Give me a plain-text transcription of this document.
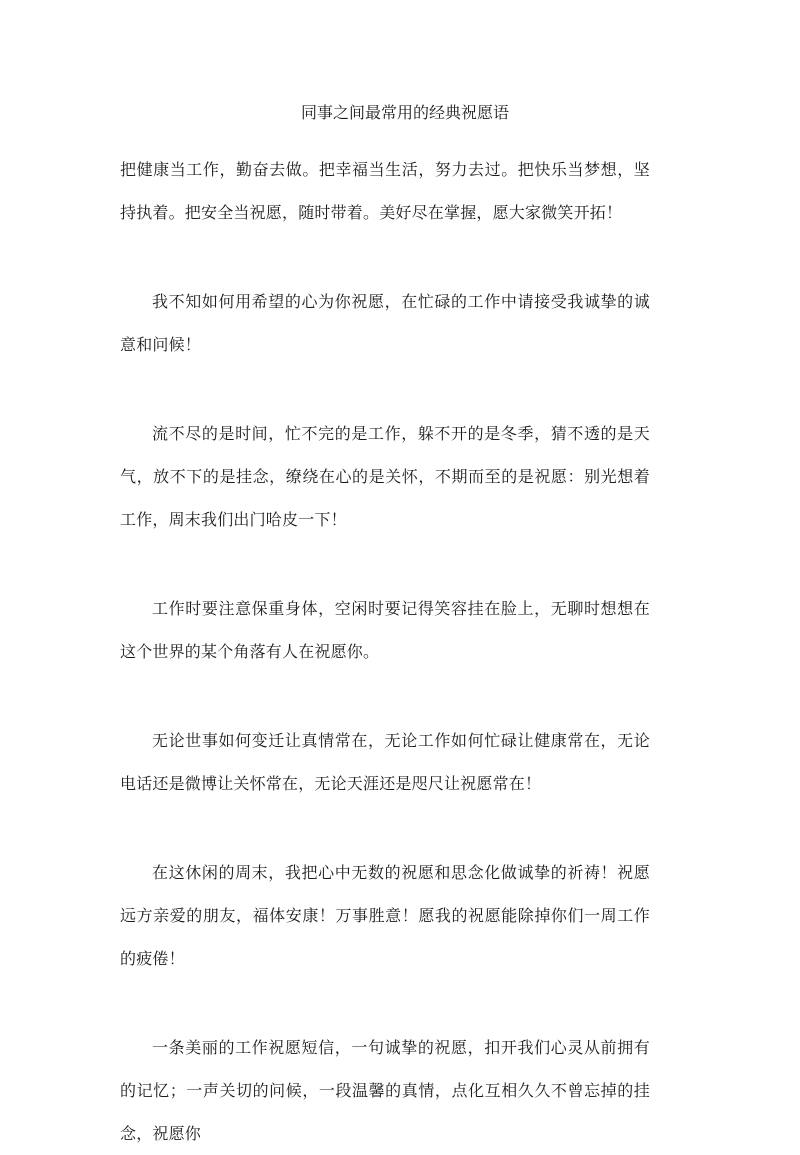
同事之间最常用的经典祝愿语

把健康当工作，勤奋去做。把幸福当生活，努力去过。把快乐当梦想，坚持执着。把安全当祝愿，随时带着。美好尽在掌握，愿大家微笑开拓！

我不知如何用希望的心为你祝愿，在忙碌的工作中请接受我诚挚的诚意和问候！

流不尽的是时间，忙不完的是工作，躲不开的是冬季，猜不透的是天气，放不下的是挂念，缭绕在心的是关怀，不期而至的是祝愿：别光想着工作，周末我们出门哈皮一下！

工作时要注意保重身体，空闲时要记得笑容挂在脸上，无聊时想想在这个世界的某个角落有人在祝愿你。

无论世事如何变迁让真情常在，无论工作如何忙碌让健康常在，无论电话还是微博让关怀常在，无论天涯还是咫尺让祝愿常在！

在这休闲的周末，我把心中无数的祝愿和思念化做诚挚的祈祷！祝愿远方亲爱的朋友，福体安康！万事胜意！愿我的祝愿能除掉你们一周工作的疲倦！

一条美丽的工作祝愿短信，一句诚挚的祝愿，扣开我们心灵从前拥有的记忆；一声关切的问候，一段温馨的真情，点化互相久久不曾忘掉的挂念，祝愿你
